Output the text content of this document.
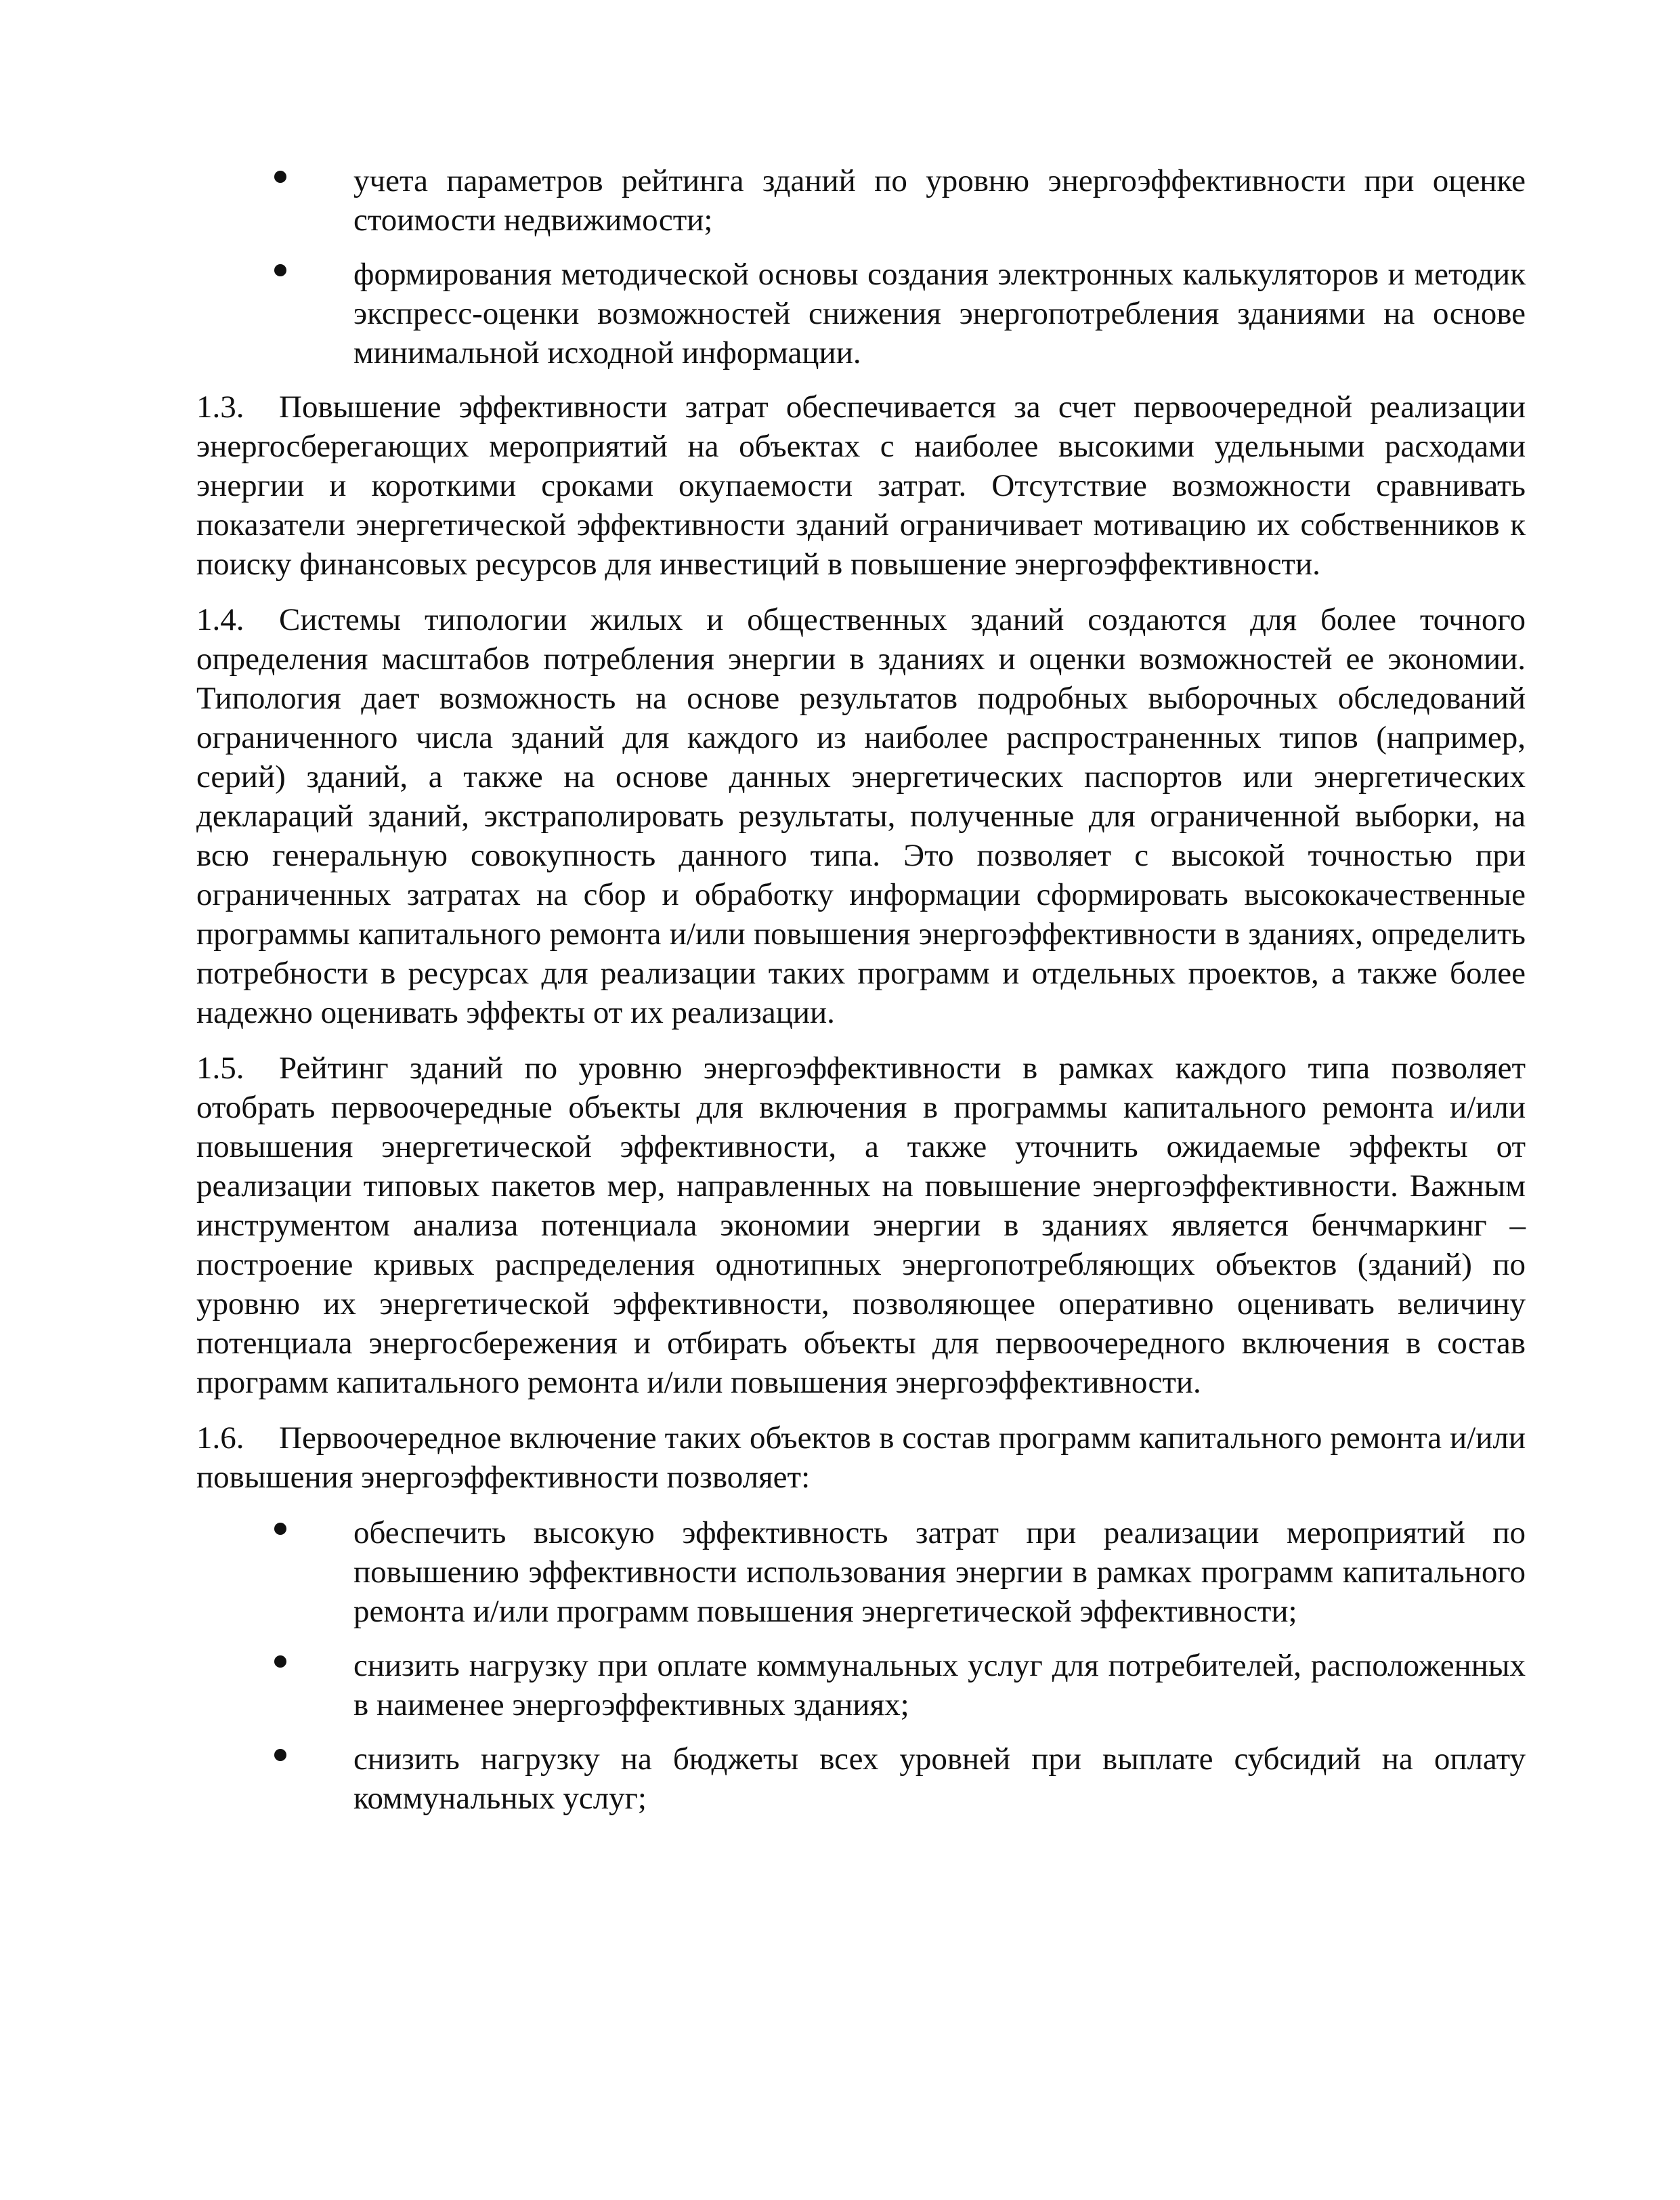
учета параметров рейтинга зданий по уровню энергоэффективности при оценке стоимости недвижимости;
формирования методической основы создания электронных калькуляторов и методик экспресс-оценки возможностей снижения энергопотребления зданиями на основе минимальной исходной информации.

1.3. Повышение эффективности затрат обеспечивается за счет первоочередной реализации энергосберегающих мероприятий на объектах с наиболее высокими удельными расходами энергии и короткими сроками окупаемости затрат. Отсутствие возможности сравнивать показатели энергетической эффективности зданий ограничивает мотивацию их собственников к поиску финансовых ресурсов для инвестиций в повышение энергоэффективности.

1.4. Системы типологии жилых и общественных зданий создаются для более точного определения масштабов потребления энергии в зданиях и оценки возможностей ее экономии. Типология дает возможность на основе результатов подробных выборочных обследований ограниченного числа зданий для каждого из наиболее распространенных типов (например, серий) зданий, а также на основе данных энергетических паспортов или энергетических деклараций зданий, экстраполировать результаты, полученные для ограниченной выборки, на всю генеральную совокупность данного типа. Это позволяет с высокой точностью при ограниченных затратах на сбор и обработку информации сформировать высококачественные программы капитального ремонта и/или повышения энергоэффективности в зданиях, определить потребности в ресурсах для реализации таких программ и отдельных проектов, а также более надежно оценивать эффекты от их реализации.

1.5. Рейтинг зданий по уровню энергоэффективности в рамках каждого типа позволяет отобрать первоочередные объекты для включения в программы капитального ремонта и/или повышения энергетической эффективности, а также уточнить ожидаемые эффекты от реализации типовых пакетов мер, направленных на повышение энергоэффективности. Важным инструментом анализа потенциала экономии энергии в зданиях является бенчмаркинг – построение кривых распределения однотипных энергопотребляющих объектов (зданий) по уровню их энергетической эффективности, позволяющее оперативно оценивать величину потенциала энергосбережения и отбирать объекты для первоочередного включения в состав программ капитального ремонта и/или повышения энергоэффективности.

1.6. Первоочередное включение таких объектов в состав программ капитального ремонта и/или повышения энергоэффективности позволяет:

обеспечить высокую эффективность затрат при реализации мероприятий по повышению эффективности использования энергии в рамках программ капитального ремонта и/или программ повышения энергетической эффективности;
снизить нагрузку при оплате коммунальных услуг для потребителей, расположенных в наименее энергоэффективных зданиях;
снизить нагрузку на бюджеты всех уровней при выплате субсидий на оплату коммунальных услуг;
